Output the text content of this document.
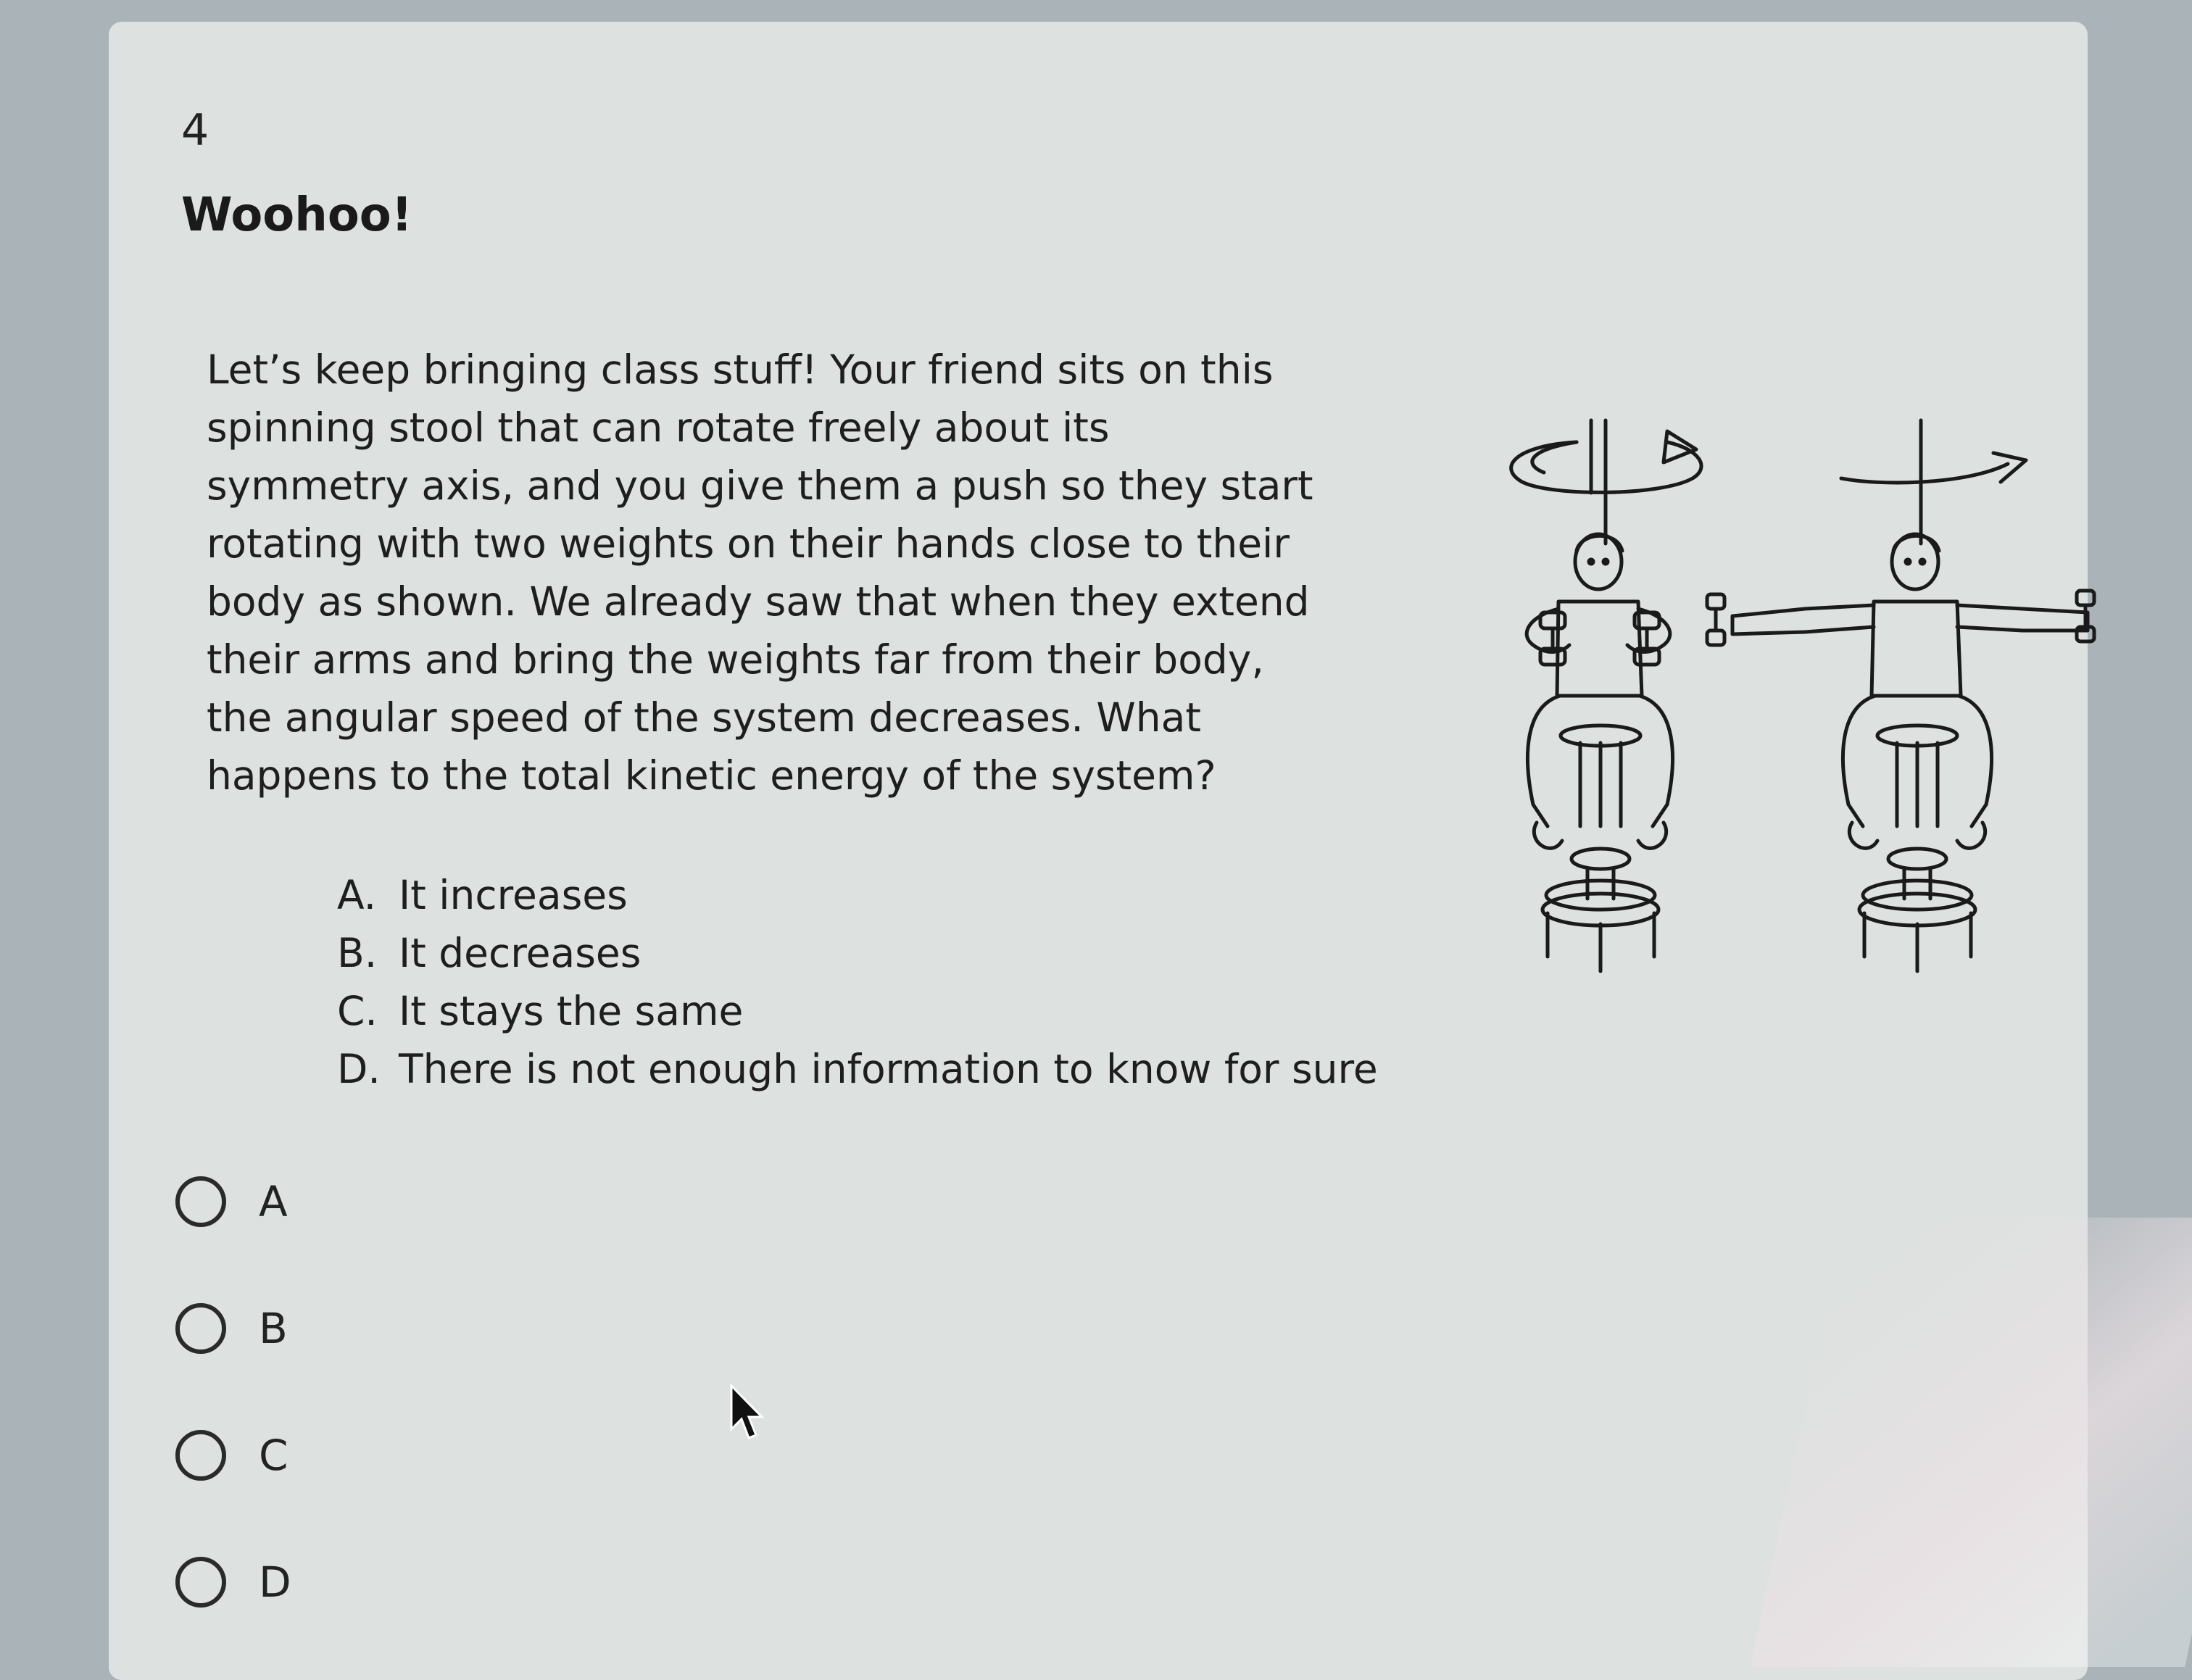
4
Woohoo!
Let’s keep bringing class stuff! Your friend sits on this
spinning stool that can rotate freely about its
symmetry axis, and you give them a push so they start
rotating with two weights on their hands close to their
body as shown. We already saw that when they extend
their arms and bring the weights far from their body,
the angular speed of the system decreases. What
happens to the total kinetic energy of the system?
A. It increases
B. It decreases
C. It stays the same
D. There is not enough information to know for sure
A
B
C
D
